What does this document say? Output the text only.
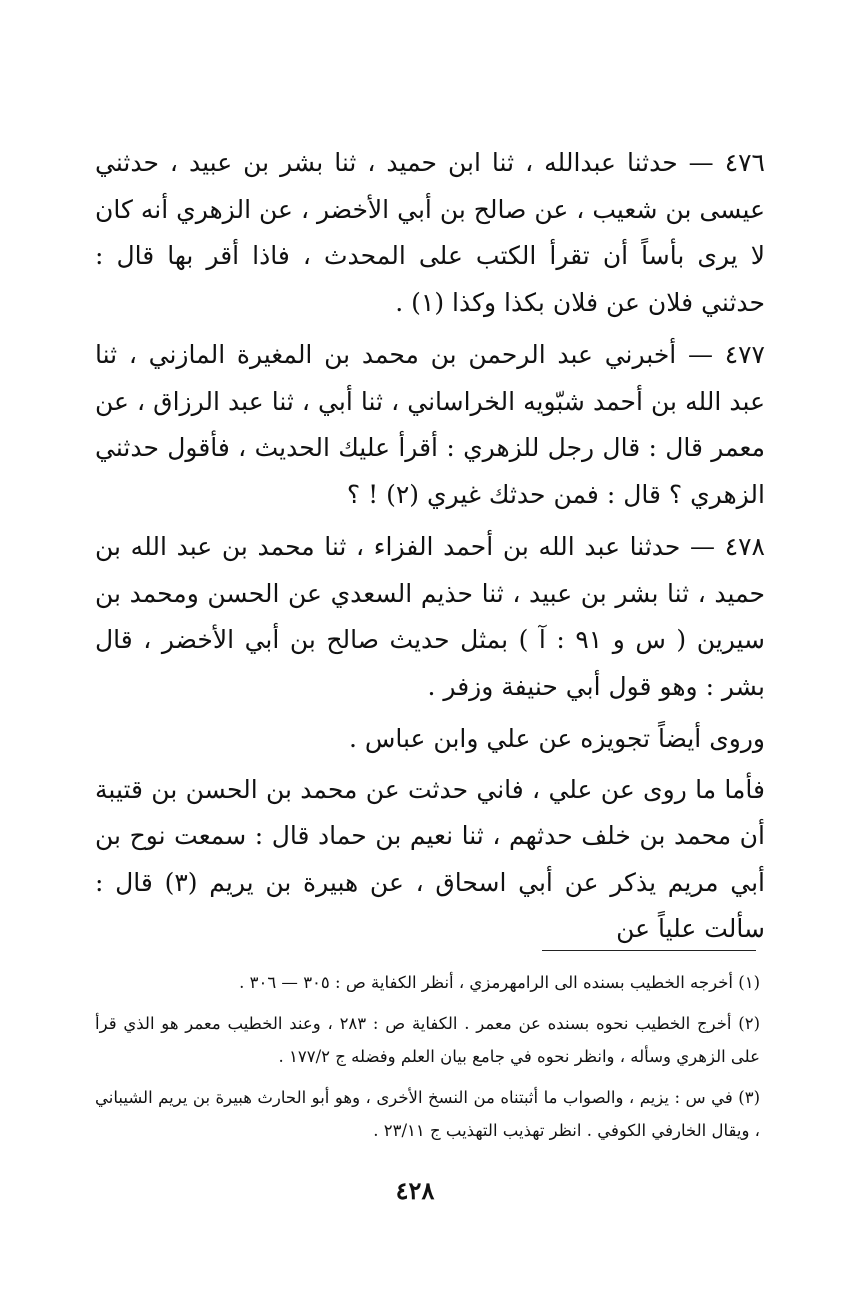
٤٧٦ — حدثنا عبدالله ، ثنا ابن حميد ، ثنا بشر بن عبيد ، حدثني عيسى بن شعيب ، عن صالح بن أبي الأخضر ، عن الزهري أنه كان لا يرى بأساً أن تقرأ الكتب على المحدث ، فاذا أقر بها قال : حدثني فلان عن فلان بكذا وكذا (١) .

٤٧٧ — أخبرني عبد الرحمن بن محمد بن المغيرة المازني ، ثنا عبد الله بن أحمد شبّويه الخراساني ، ثنا أبي ، ثنا عبد الرزاق ، عن معمر قال : قال رجل للزهري : أقرأ عليك الحديث ، فأقول حدثني الزهري ؟ قال : فمن حدثك غيري (٢) ! ؟

٤٧٨ — حدثنا عبد الله بن أحمد الفزاء ، ثنا محمد بن عبد الله بن حميد ، ثنا بشر بن عبيد ، ثنا حذيم السعدي عن الحسن ومحمد بن سيرين ( س و ٩١ : آ ) بمثل حديث صالح بن أبي الأخضر ، قال بشر : وهو قول أبي حنيفة وزفر .

وروى أيضاً تجويزه عن علي وابن عباس .

فأما ما روى عن علي ، فاني حدثت عن محمد بن الحسن بن قتيبة أن محمد بن خلف حدثهم ، ثنا نعيم بن حماد قال : سمعت نوح بن أبي مريم يذكر عن أبي اسحاق ، عن هبيرة بن يريم (٣) قال : سألت علياً عن

(١) أخرجه الخطيب بسنده الى الرامهرمزي ، أنظر الكفاية ص : ٣٠٥ — ٣٠٦ .

(٢) أخرج الخطيب نحوه بسنده عن معمر . الكفاية ص : ٢٨٣ ، وعند الخطيب معمر هو الذي قرأ على الزهري وسأله ، وانظر نحوه في جامع بيان العلم وفضله ج ١٧٧/٢ .

(٣) في س : يزيم ، والصواب ما أثبتناه من النسخ الأخرى ، وهو أبو الحارث هبيرة بن يريم الشيباني ، ويقال الخارفي الكوفي . انظر تهذيب التهذيب ج ٢٣/١١ .

٤٢٨
